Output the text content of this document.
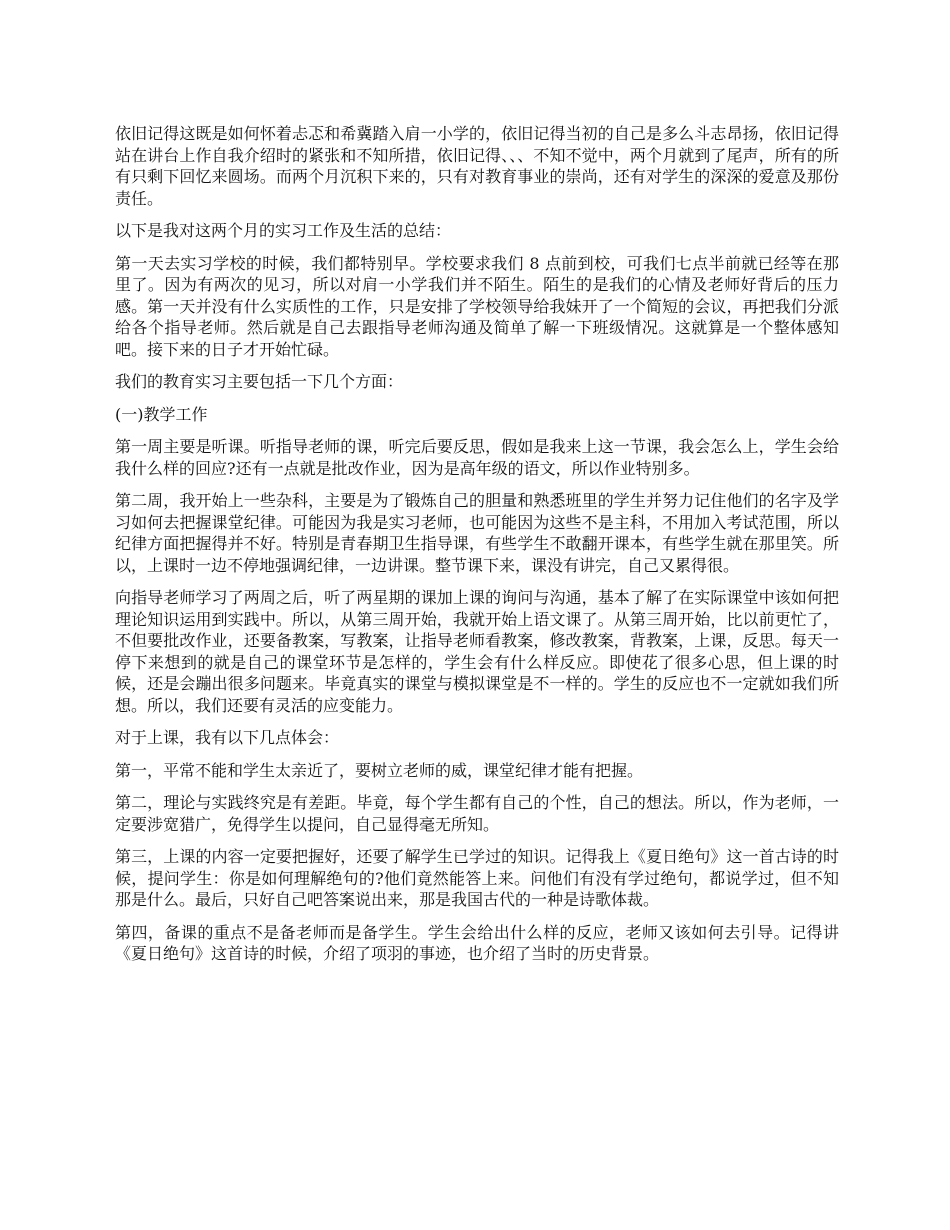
依旧记得这既是如何怀着忐忑和希冀踏入肩一小学的，依旧记得当初的自己是多么斗志昂扬，依旧记得站在讲台上作自我介绍时的紧张和不知所措，依旧记得、、、不知不觉中，两个月就到了尾声，所有的所有只剩下回忆来圆场。而两个月沉积下来的，只有对教育事业的崇尚，还有对学生的深深的爱意及那份责任。

以下是我对这两个月的实习工作及生活的总结：

第一天去实习学校的时候，我们都特别早。学校要求我们 8 点前到校，可我们七点半前就已经等在那里了。因为有两次的见习，所以对肩一小学我们并不陌生。陌生的是我们的心情及老师好背后的压力感。第一天并没有什么实质性的工作，只是安排了学校领导给我妹开了一个简短的会议，再把我们分派给各个指导老师。然后就是自己去跟指导老师沟通及简单了解一下班级情况。这就算是一个整体感知吧。接下来的日子才开始忙碌。

我们的教育实习主要包括一下几个方面：

(一)教学工作

第一周主要是听课。听指导老师的课，听完后要反思，假如是我来上这一节课，我会怎么上，学生会给我什么样的回应?还有一点就是批改作业，因为是高年级的语文，所以作业特别多。

第二周，我开始上一些杂科，主要是为了锻炼自己的胆量和熟悉班里的学生并努力记住他们的名字及学习如何去把握课堂纪律。可能因为我是实习老师，也可能因为这些不是主科，不用加入考试范围，所以纪律方面把握得并不好。特别是青春期卫生指导课，有些学生不敢翻开课本，有些学生就在那里笑。所以，上课时一边不停地强调纪律，一边讲课。整节课下来，课没有讲完，自己又累得很。

向指导老师学习了两周之后，听了两星期的课加上课的询问与沟通，基本了解了在实际课堂中该如何把理论知识运用到实践中。所以，从第三周开始，我就开始上语文课了。从第三周开始，比以前更忙了，不但要批改作业，还要备教案，写教案，让指导老师看教案，修改教案，背教案，上课，反思。每天一停下来想到的就是自己的课堂环节是怎样的，学生会有什么样反应。即使花了很多心思，但上课的时候，还是会蹦出很多问题来。毕竟真实的课堂与模拟课堂是不一样的。学生的反应也不一定就如我们所想。所以，我们还要有灵活的应变能力。

对于上课，我有以下几点体会：

第一，平常不能和学生太亲近了，要树立老师的威，课堂纪律才能有把握。

第二，理论与实践终究是有差距。毕竟，每个学生都有自己的个性，自己的想法。所以，作为老师，一定要涉宽猎广，免得学生以提问，自己显得毫无所知。

第三，上课的内容一定要把握好，还要了解学生已学过的知识。记得我上《夏日绝句》这一首古诗的时候，提问学生：你是如何理解绝句的?他们竟然能答上来。问他们有没有学过绝句，都说学过，但不知那是什么。最后，只好自己吧答案说出来，那是我国古代的一种是诗歌体裁。

第四，备课的重点不是备老师而是备学生。学生会给出什么样的反应，老师又该如何去引导。记得讲《夏日绝句》这首诗的时候，介绍了项羽的事迹，也介绍了当时的历史背景。
